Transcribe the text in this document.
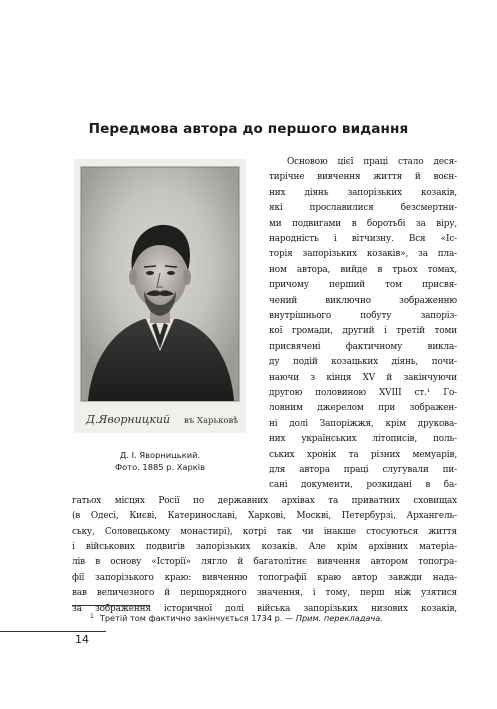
Передмова автора до першого видання
Д.Яворницкий въ Харьковѣ
Д. І. Яворницький.
Фото. 1885 р. Харків
Основою цієї праці стало деся-
тирічне вивчення життя й воєн-
них діянь запорізьких козаків,
які прославилися безсмертни-
ми подвигами в боротьбі за віру,
народність і вітчизну. Вся «Іс-
торія запорізьких козаків», за пла-
ном автора, вийде в трьох томах,
причому перший том присвя-
чений виключно зображенню
внутрішнього побуту запоріз-
кої громади, другий і третій томи
присвячені фактичному викла-
ду подій козацьких діянь, почи-
наючи з кінця XV й закінчуючи
другою половиною XVIII ст.¹ Го-
ловним джерелом при зображен-
ні долі Запоріжжя, крім друкова-
них українських літописів, поль-
ських хронік та різних мемуарів,
для автора праці слугували пи-
сані документи, розкидані в ба-
гатьох місцях Росії по державних архівах та приватних сховищах
(в Одесі, Києві, Катеринославі, Харкові, Москві, Петербурзі, Архангель-
ську, Соловецькому монастирі), котрі так чи інакше стосуються життя
і військових подвигів запорізьких козаків. Але крім архівних матеріа-
лів в основу «Історії» лягло й багатолітнє вивчення автором топогра-
фії запорізького краю: вивченню топографії краю автор завжди нада-
вав величезного й першорядного значення, і тому, перш ніж узятися
за зображення історичної долі війська запорізьких низових козаків,
$^1$ Третій том фактично закінчується 1734 р. — Прим. перекладача.
14
